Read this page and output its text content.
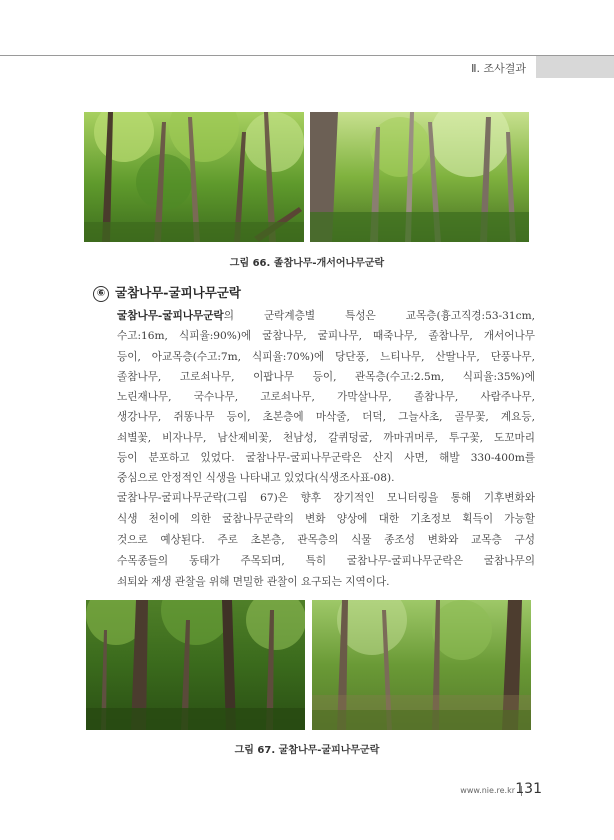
Ⅱ. 조사결과
그림 66. 졸참나무-개서어나무군락
⑥ 굴참나무-굴피나무군락
굴참나무-굴피나무군락의 군락계층별 특성은 교목층(흉고직경:53-31cm,
수고:16m, 식피율:90%)에 굴참나무, 굴피나무, 때죽나무, 졸참나무, 개서어나무
등이, 아교목층(수고:7m, 식피율:70%)에 당단풍, 느티나무, 산딸나무, 단풍나무,
졸참나무, 고로쇠나무, 이팝나무 등이, 관목층(수고:2.5m, 식피율:35%)에
노린재나무, 국수나무, 고로쇠나무, 가막살나무, 졸참나무, 사람주나무,
생강나무, 쥐똥나무 등이, 초본층에 마삭줄, 더덕, 그늘사초, 골무꽃, 계요등,
쇠별꽃, 비자나무, 남산제비꽃, 천남성, 갈퀴덩굴, 까마귀머루, 투구꽃, 도꼬마리
등이 분포하고 있었다. 굴참나무-굴피나무군락은 산지 사면, 해발 330-400m를
중심으로 안정적인 식생을 나타내고 있었다(식생조사표-08).
굴참나무-굴피나무군락(그림 67)은 향후 장기적인 모니터링을 통해 기후변화와
식생 천이에 의한 굴참나무군락의 변화 양상에 대한 기초정보 획득이 가능할
것으로 예상된다. 주로 초본층, 관목층의 식물 종조성 변화와 교목층 구성
수목종들의 동태가 주목되며, 특히 굴참나무-굴피나무군락은 굴참나무의
쇠퇴와 재생 관찰을 위해 면밀한 관찰이 요구되는 지역이다.
그림 67. 굴참나무-굴피나무군락
www.nie.re.kr 131
